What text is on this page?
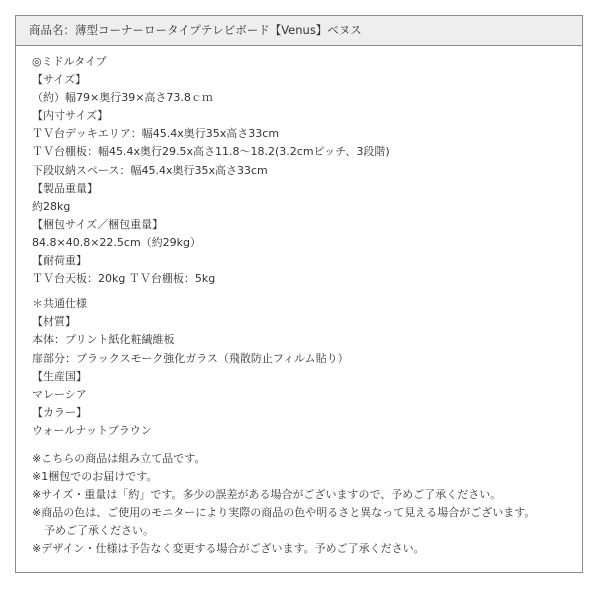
商品名：薄型コーナーロータイプテレビボード【Venus】ベヌス
◎ミドルタイプ
【サイズ】
（約）幅79×奥行39×高さ73.8ｃｍ
【内寸サイズ】
ＴＶ台デッキエリア：幅45.4x奥行35x高さ33cm
ＴＶ台棚板：幅45.4x奥行29.5x高さ11.8〜18.2(3.2cmピッチ、3段階)
下段収納スペース：幅45.4x奥行35x高さ33cm
【製品重量】
約28kg
【梱包サイズ／梱包重量】
84.8×40.8×22.5cm（約29kg）
【耐荷重】
ＴＶ台天板：20kg ＴＶ台棚板：5kg
＊共通仕様
【材質】
本体：プリント紙化粧繊維板
扉部分：ブラックスモーク強化ガラス（飛散防止フィルム貼り）
【生産国】
マレーシア
【カラー】
ウォールナットブラウン
※こちらの商品は組み立て品です。
※1梱包でのお届けです。
※サイズ・重量は「約」です。多少の誤差がある場合がございますので、予めご了承ください。
※商品の色は、ご使用のモニターにより実際の商品の色や明るさと異なって見える場合がございます。
予めご了承ください。
※デザイン・仕様は予告なく変更する場合がございます。予めご了承ください。
